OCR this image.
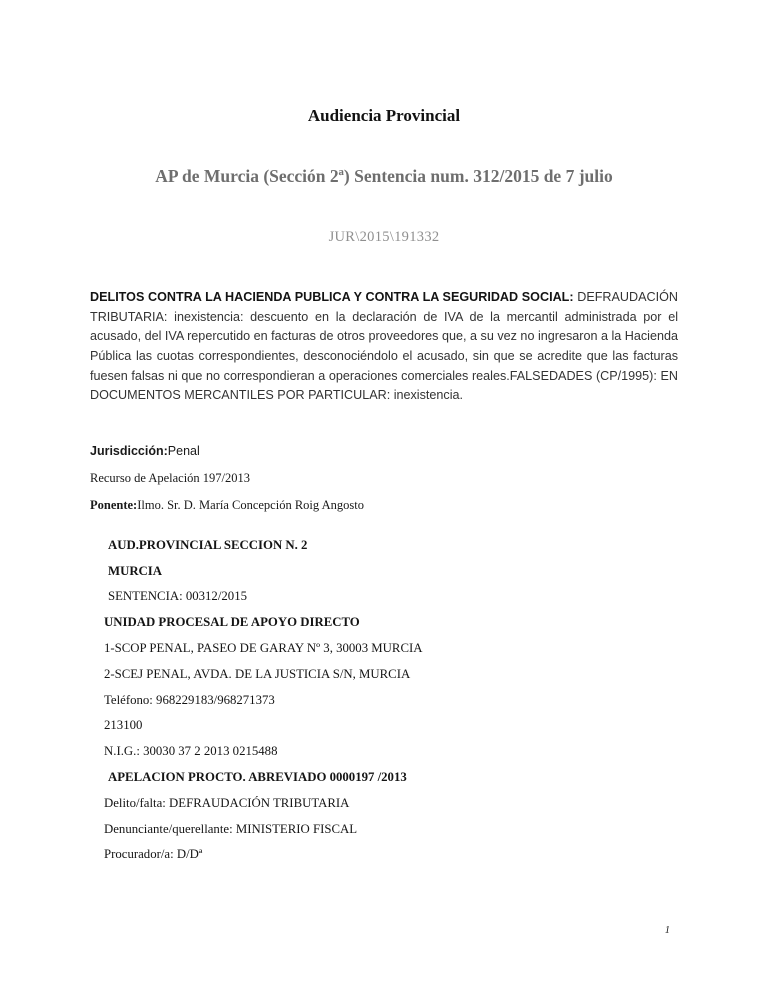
Audiencia Provincial
AP de Murcia (Sección 2ª) Sentencia num. 312/2015 de 7 julio
JUR\2015\191332

DELITOS CONTRA LA HACIENDA PUBLICA Y CONTRA LA SEGURIDAD SOCIAL: DEFRAUDACIÓN TRIBUTARIA: inexistencia: descuento en la declaración de IVA de la mercantil administrada por el acusado, del IVA repercutido en facturas de otros proveedores que, a su vez no ingresaron a la Hacienda Pública las cuotas correspondientes, desconociéndolo el acusado, sin que se acredite que las facturas fuesen falsas ni que no correspondieran a operaciones comerciales reales.FALSEDADES (CP/1995): EN DOCUMENTOS MERCANTILES POR PARTICULAR: inexistencia.

Jurisdicción:Penal

Recurso de Apelación 197/2013

Ponente:Ilmo. Sr. D. María Concepción Roig Angosto

AUD.PROVINCIAL SECCION N. 2

MURCIA

SENTENCIA: 00312/2015

UNIDAD PROCESAL DE APOYO DIRECTO

1-SCOP PENAL, PASEO DE GARAY Nº 3, 30003 MURCIA

2-SCEJ PENAL, AVDA. DE LA JUSTICIA S/N, MURCIA

Teléfono: 968229183/968271373

213100

N.I.G.: 30030 37 2 2013 0215488

APELACION PROCTO. ABREVIADO 0000197 /2013

Delito/falta: DEFRAUDACIÓN TRIBUTARIA

Denunciante/querellante: MINISTERIO FISCAL

Procurador/a: D/Dª

1
